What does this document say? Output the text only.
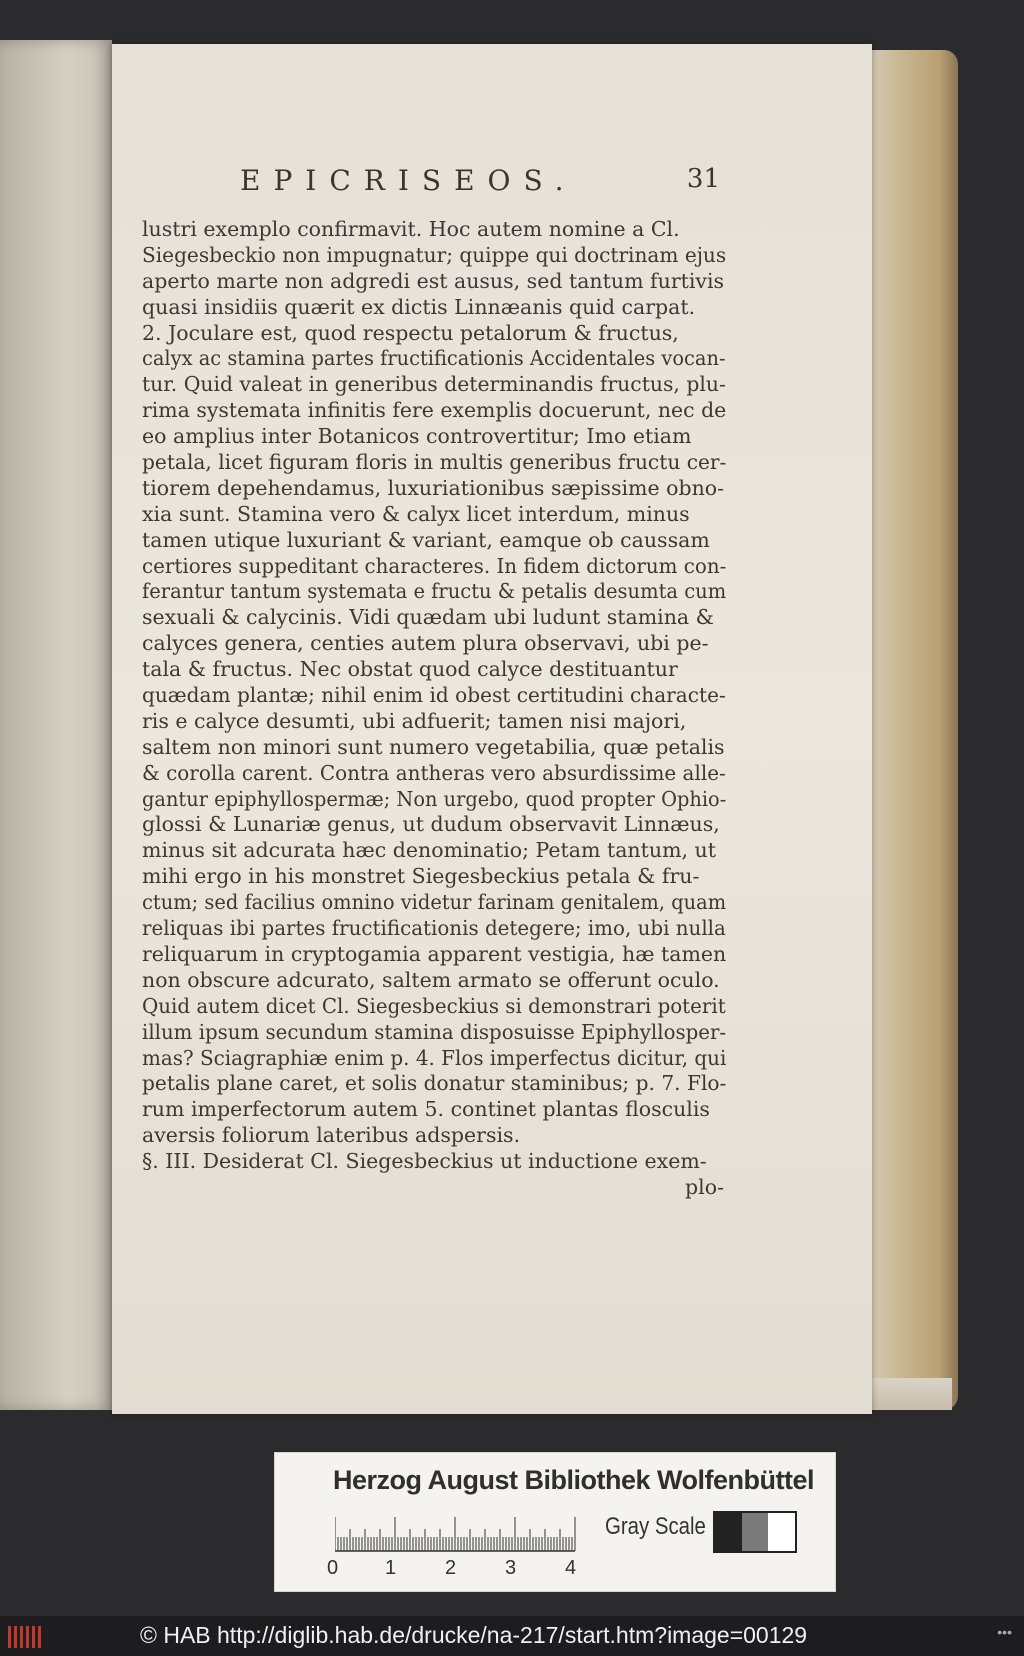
EPICRISEOS.	31
lustri exemplo confirmavit. Hoc autem nomine a Cl.
Siegesbeckio non impugnatur; quippe qui doctrinam ejus
aperto marte non adgredi est ausus, sed tantum furtivis
quasi insidiis quærit ex dictis Linnæanis quid carpat.
2. Joculare est, quod respectu petalorum & fructus,
calyx ac stamina partes fructificationis Accidentales vocan-
tur. Quid valeat in generibus determinandis fructus, plu-
rima systemata infinitis fere exemplis docuerunt, nec de
eo amplius inter Botanicos controvertitur; Imo etiam
petala, licet figuram floris in multis generibus fructu cer-
tiorem depehendamus, luxuriationibus sæpissime obno-
xia sunt. Stamina vero & calyx licet interdum, minus
tamen utique luxuriant & variant, eamque ob caussam
certiores suppeditant characteres. In fidem dictorum con-
ferantur tantum systemata e fructu & petalis desumta cum
sexuali & calycinis. Vidi quædam ubi ludunt stamina &
calyces genera, centies autem plura observavi, ubi pe-
tala & fructus. Nec obstat quod calyce destituantur
quædam plantæ; nihil enim id obest certitudini characte-
ris e calyce desumti, ubi adfuerit; tamen nisi majori,
saltem non minori sunt numero vegetabilia, quæ petalis
& corolla carent. Contra antheras vero absurdissime alle-
gantur epiphyllospermæ; Non urgebo, quod propter Ophio-
glossi & Lunariæ genus, ut dudum observavit Linnæus,
minus sit adcurata hæc denominatio; Petam tantum, ut
mihi ergo in his monstret Siegesbeckius petala & fru-
ctum; sed facilius omnino videtur farinam genitalem, quam
reliquas ibi partes fructificationis detegere; imo, ubi nulla
reliquarum in cryptogamia apparent vestigia, hæ tamen
non obscure adcurato, saltem armato se offerunt oculo.
Quid autem dicet Cl. Siegesbeckius si demonstrari poterit
illum ipsum secundum stamina disposuisse Epiphyllosper-
mas? Sciagraphiæ enim p. 4. Flos imperfectus dicitur, qui
petalis plane caret, et solis donatur staminibus; p. 7. Flo-
rum imperfectorum autem 5. continet plantas flosculis
aversis foliorum lateribus adspersis.
§. III. Desiderat Cl. Siegesbeckius ut inductione exem-
plo-
Herzog August Bibliothek Wolfenbüttel
Gray Scale
0 1 2 3 4
© HAB http://diglib.hab.de/drucke/na-217/start.htm?image=00129	•••
